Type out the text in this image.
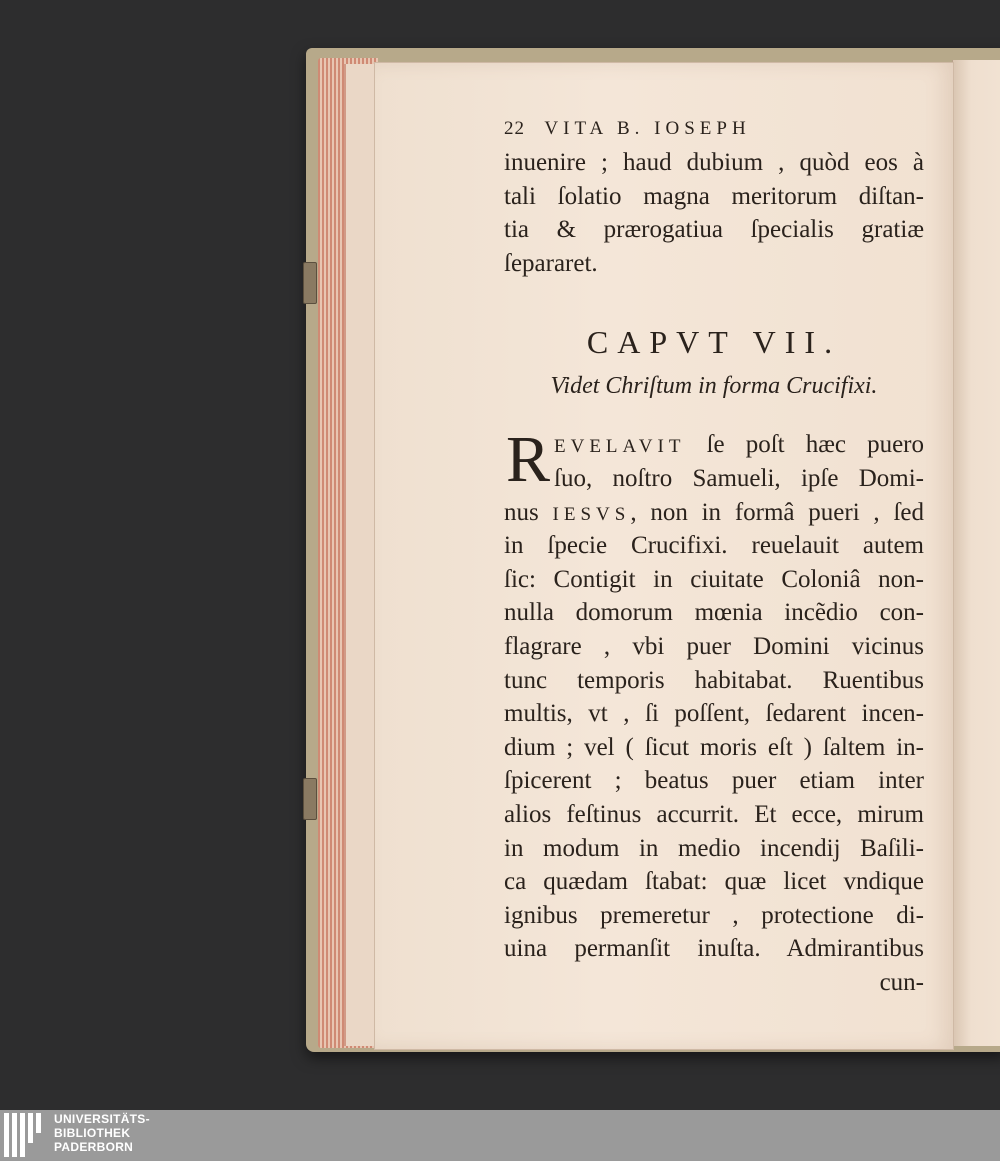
22 VITA B. IOSEPH
inuenire ; haud dubium , quòd eos à
tali ſolatio magna meritorum diſtan-
tia & prærogatiua ſpecialis gratiæ
ſepararet.
CAPVT VII.
Videt Chriſtum in forma Crucifixi.
R EVELAVIT ſe poſt hæc puero
ſuo, noſtro Samueli, ipſe Domi-
nus IESVS, non in formâ pueri , ſed
in ſpecie Crucifixi. reuelauit autem
ſic: Contigit in ciuitate Coloniâ non-
nulla domorum mœnia incẽdio con-
flagrare , vbi puer Domini vicinus
tunc temporis habitabat. Ruentibus
multis, vt , ſi poſſent, ſedarent incen-
dium ; vel ( ſicut moris eſt ) ſaltem in-
ſpicerent ; beatus puer etiam inter
alios feſtinus accurrit. Et ecce, mirum
in modum in medio incendij Baſili-
ca quædam ſtabat: quæ licet vndique
ignibus premeretur , protectione di-
uina permanſit inuſta. Admirantibus
cun-
UNIVERSITÄTS-
BIBLIOTHEK
PADERBORN
